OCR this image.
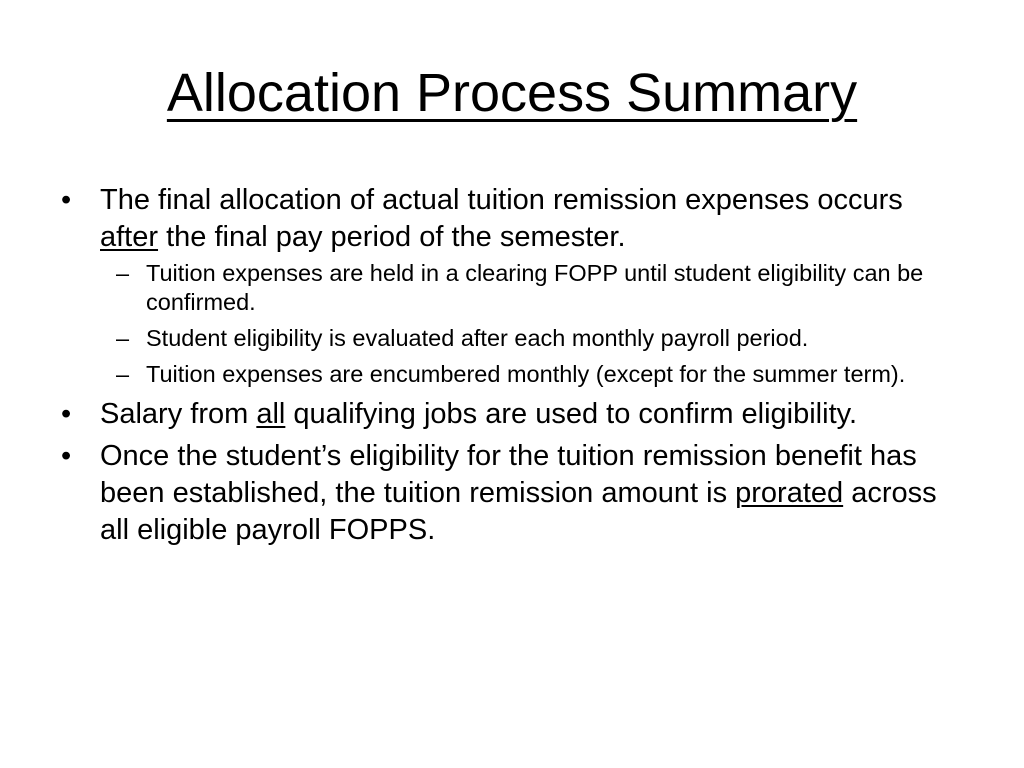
Allocation Process Summary
• The final allocation of actual tuition remission expenses occurs after the final pay period of the semester.
– Tuition expenses are held in a clearing FOPP until student eligibility can be confirmed.
– Student eligibility is evaluated after each monthly payroll period.
– Tuition expenses are encumbered monthly (except for the summer term).
• Salary from all qualifying jobs are used to confirm eligibility.
• Once the student’s eligibility for the tuition remission benefit has been established, the tuition remission amount is prorated across all eligible payroll FOPPS.
